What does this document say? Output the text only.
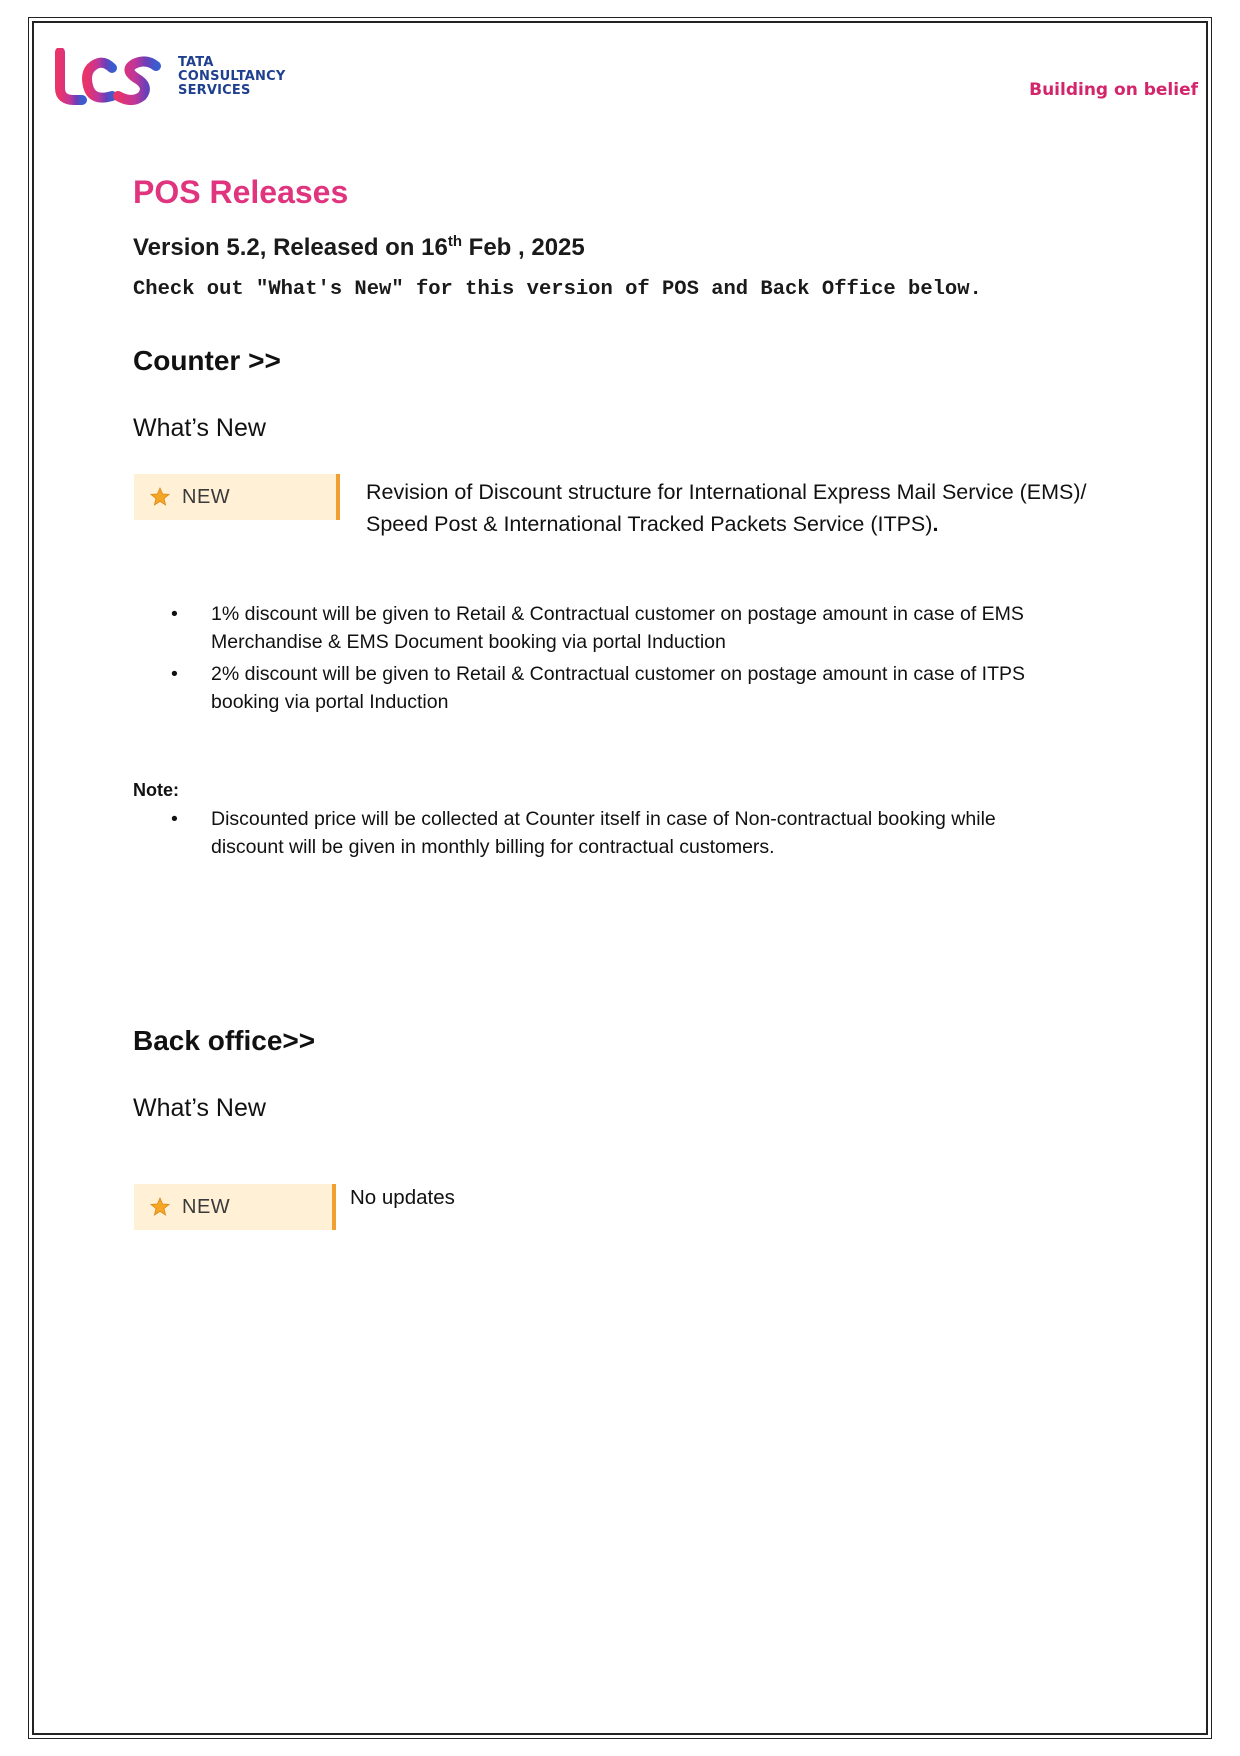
TATA
CONSULTANCY
SERVICES	Building on belief
POS Releases
Version 5.2, Released on 16th Feb , 2025
Check out "What's New" for this version of POS and Back Office below.
Counter >>
What’s New
NEW	Revision of Discount structure for International Express Mail Service (EMS)/ Speed Post & International Tracked Packets Service (ITPS).
• 1% discount will be given to Retail & Contractual customer on postage amount in case of EMS Merchandise & EMS Document booking via portal Induction
• 2% discount will be given to Retail & Contractual customer on postage amount in case of ITPS booking via portal Induction
Note:
• Discounted price will be collected at Counter itself in case of Non-contractual booking while discount will be given in monthly billing for contractual customers.
Back office>>
What’s New
NEW	No updates
